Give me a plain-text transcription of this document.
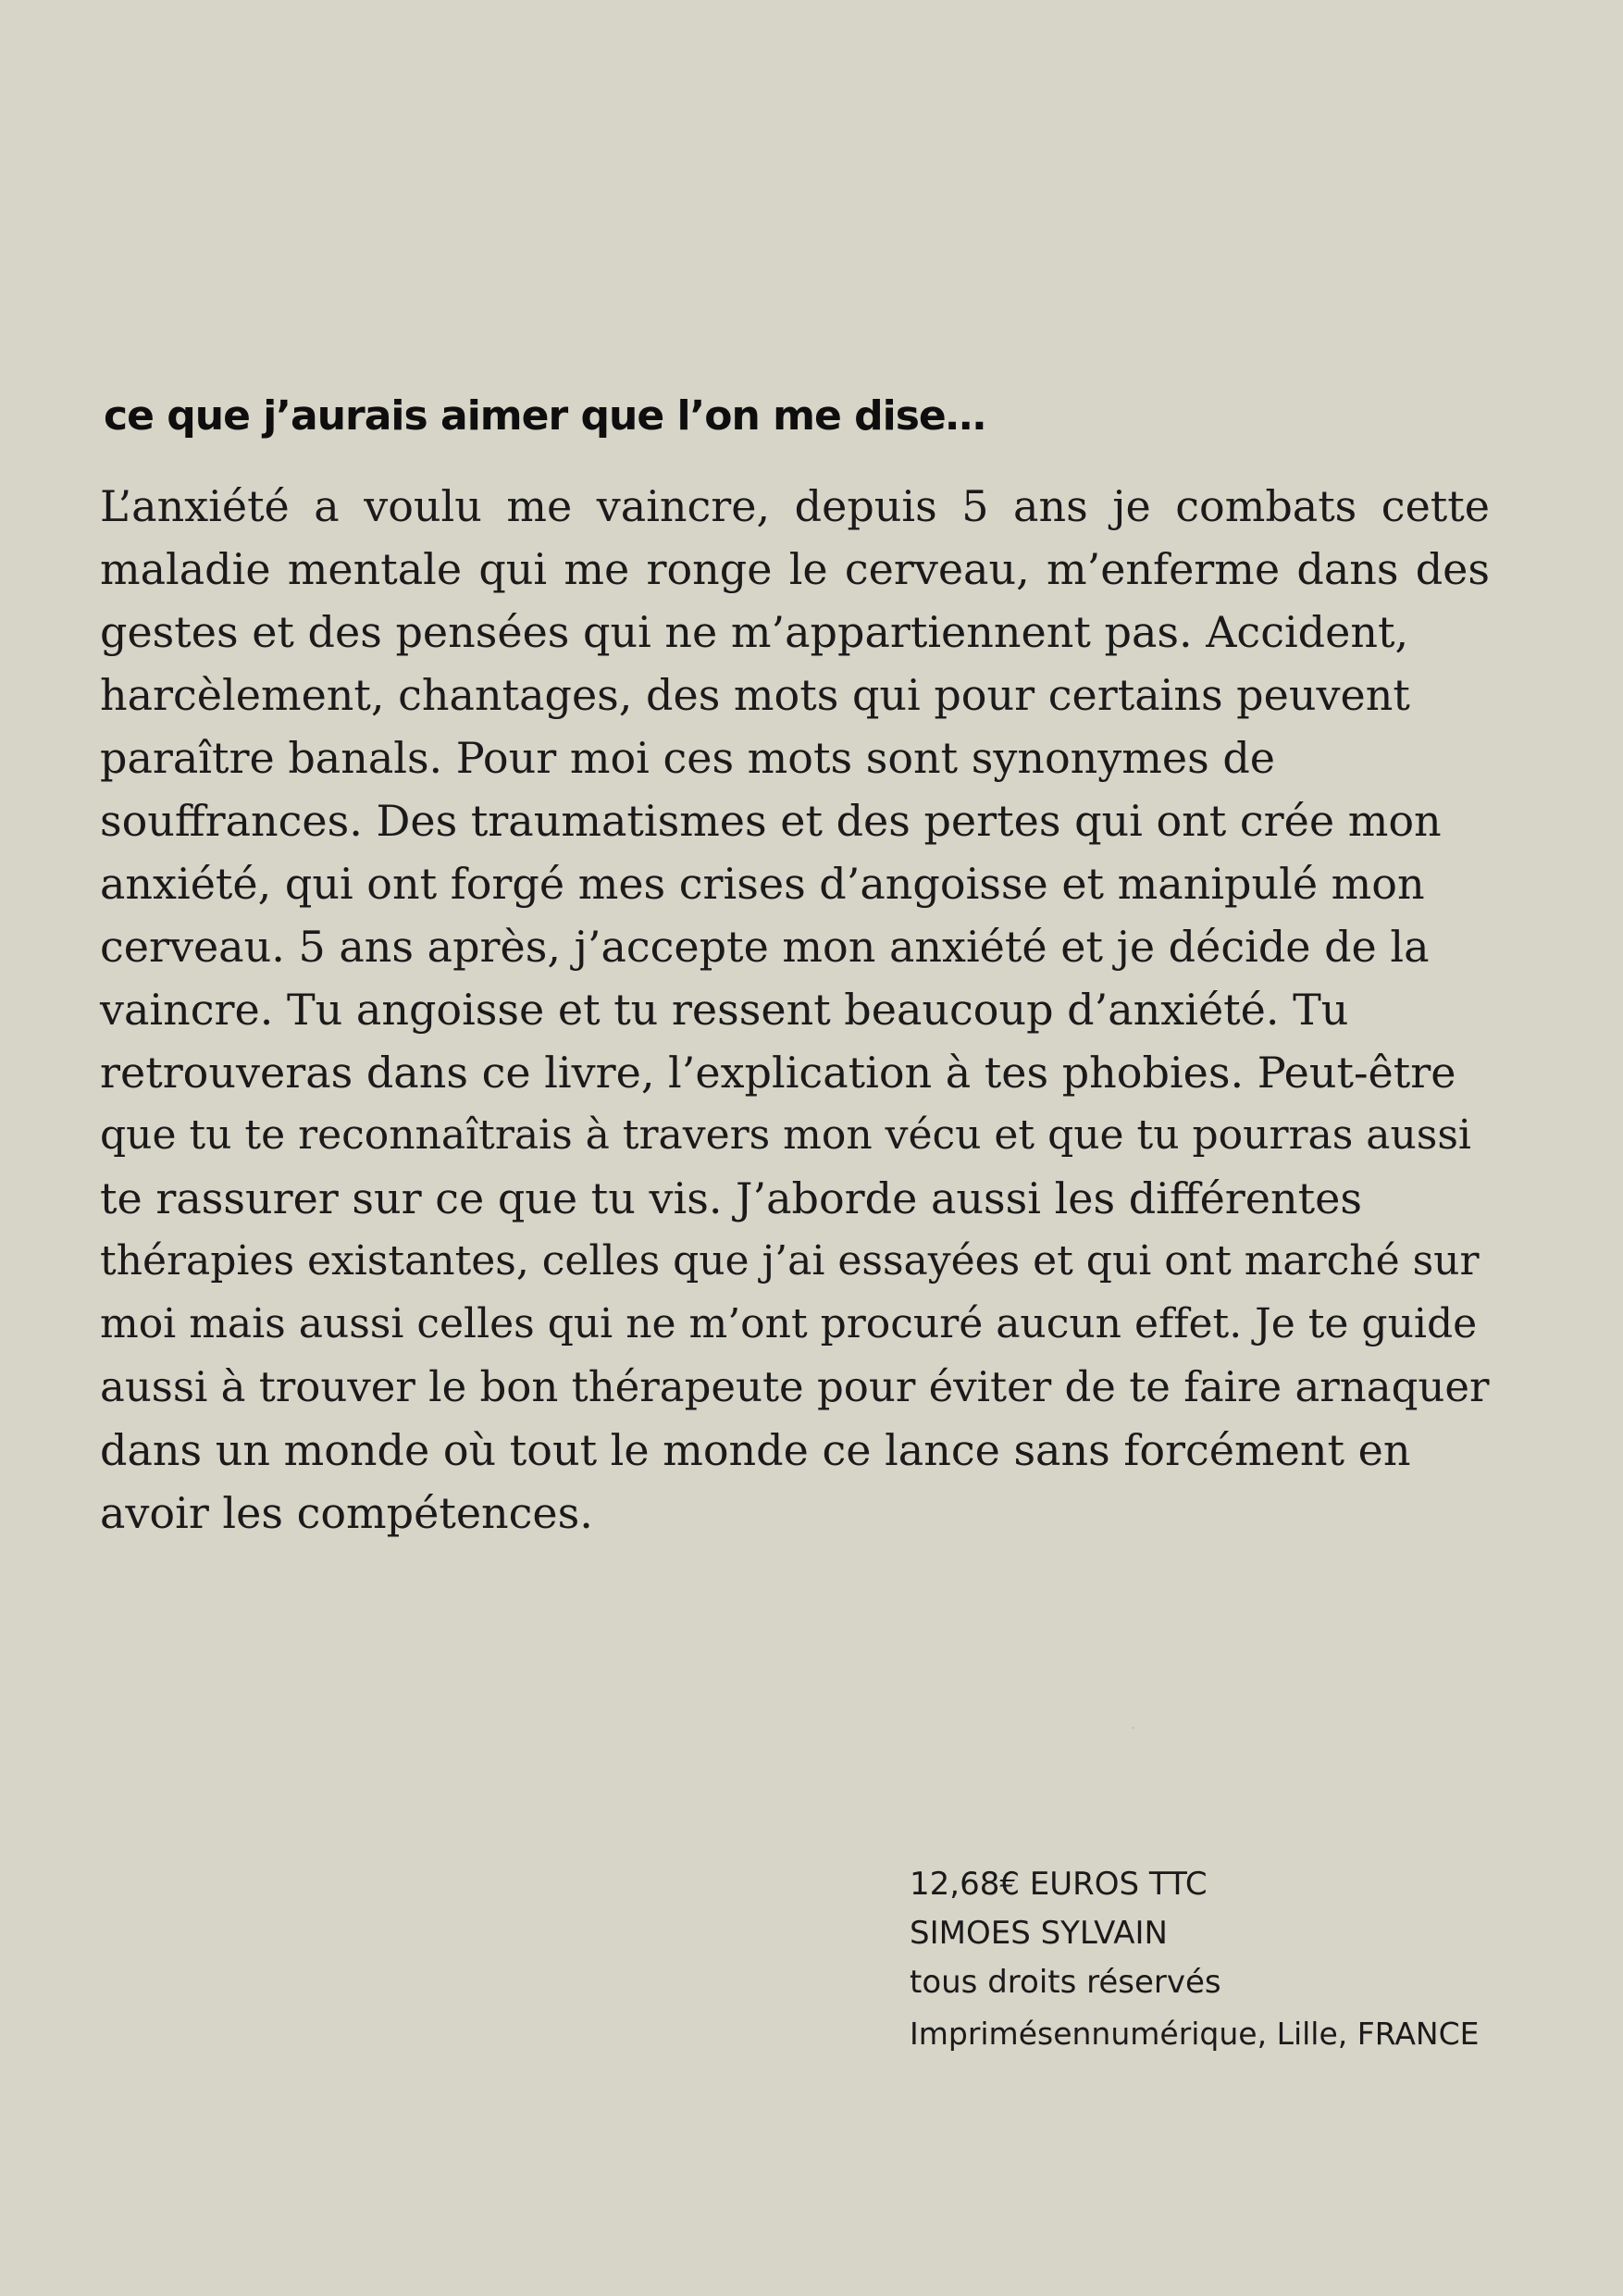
ce que j’aurais aimer que l’on me dise…
L’anxiété a voulu me vaincre, depuis 5 ans je combats cette
maladie mentale qui me ronge le cerveau, m’enferme dans des
gestes et des pensées qui ne m’appartiennent pas. Accident,
harcèlement, chantages, des mots qui pour certains peuvent
paraître banals. Pour moi ces mots sont synonymes de
souffrances. Des traumatismes et des pertes qui ont crée mon
anxiété, qui ont forgé mes crises d’angoisse et manipulé mon
cerveau. 5 ans après, j’accepte mon anxiété et je décide de la
vaincre. Tu angoisse et tu ressent beaucoup d’anxiété. Tu
retrouveras dans ce livre, l’explication à tes phobies. Peut-être
que tu te reconnaîtrais à travers mon vécu et que tu pourras aussi
te rassurer sur ce que tu vis. J’aborde aussi les différentes
thérapies existantes, celles que j’ai essayées et qui ont marché sur
moi mais aussi celles qui ne m’ont procuré aucun effet. Je te guide
aussi à trouver le bon thérapeute pour éviter de te faire arnaquer
dans un monde où tout le monde ce lance sans forcément en
avoir les compétences.
12,68€ EUROS TTC
SIMOES SYLVAIN
tous droits réservés
Imprimésennumérique, Lille, FRANCE
